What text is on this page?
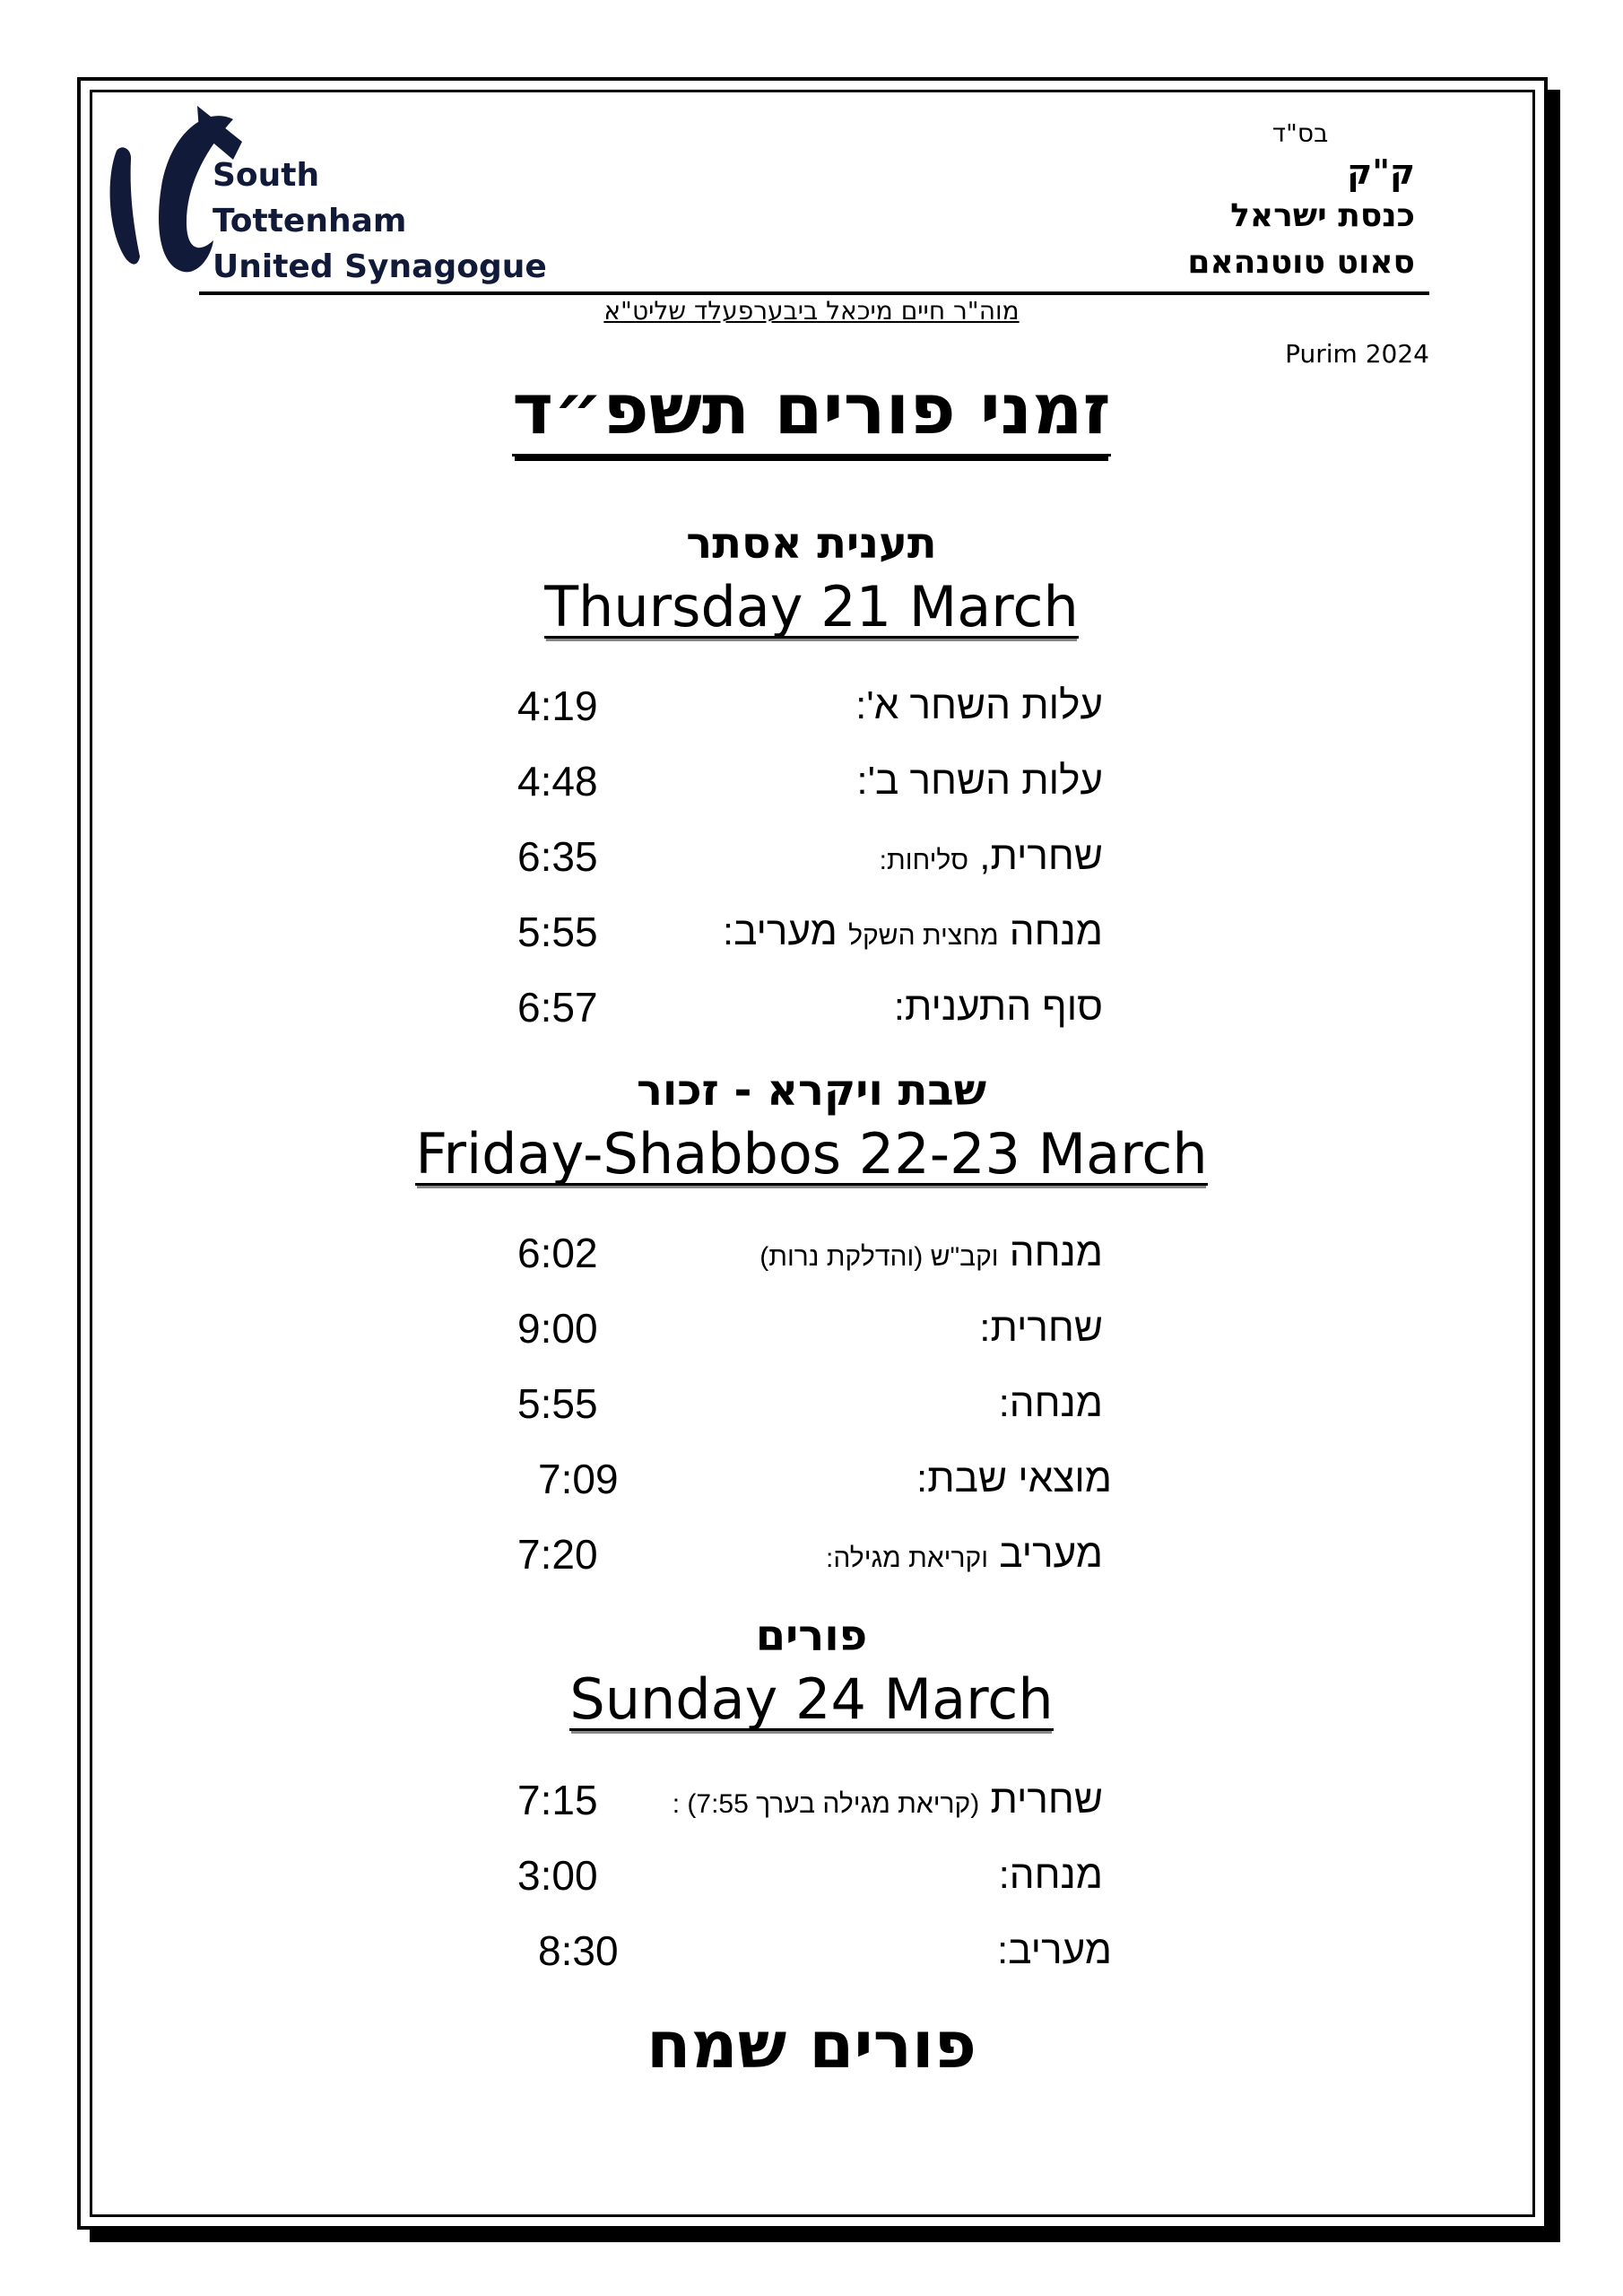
South
Tottenham
United Synagogue
בס"ד
ק"ק
כנסת ישראל
סאוט טוטנהאם
מוה"ר חיים מיכאל ביבערפעלד שליט"א
Purim 2024
זמני פורים תשפ״ד
תענית אסתר
Thursday 21 March
עלות השחר א':
4:19
עלות השחר ב':
4:48
שחרית, סליחות:
6:35
מנחה מחצית השקל מעריב:
5:55
סוף התענית:
6:57
שבת ויקרא - זכור
Friday-Shabbos 22-23 March
מנחה וקב"ש (והדלקת נרות)
6:02
שחרית:
9:00
מנחה:
5:55
מוצאי שבת:
7:09
מעריב וקריאת מגילה:
7:20
פורים
Sunday 24 March
שחרית (קריאת מגילה בערך 7:55) :
7:15
מנחה:
3:00
מעריב:
8:30
פורים שמח
